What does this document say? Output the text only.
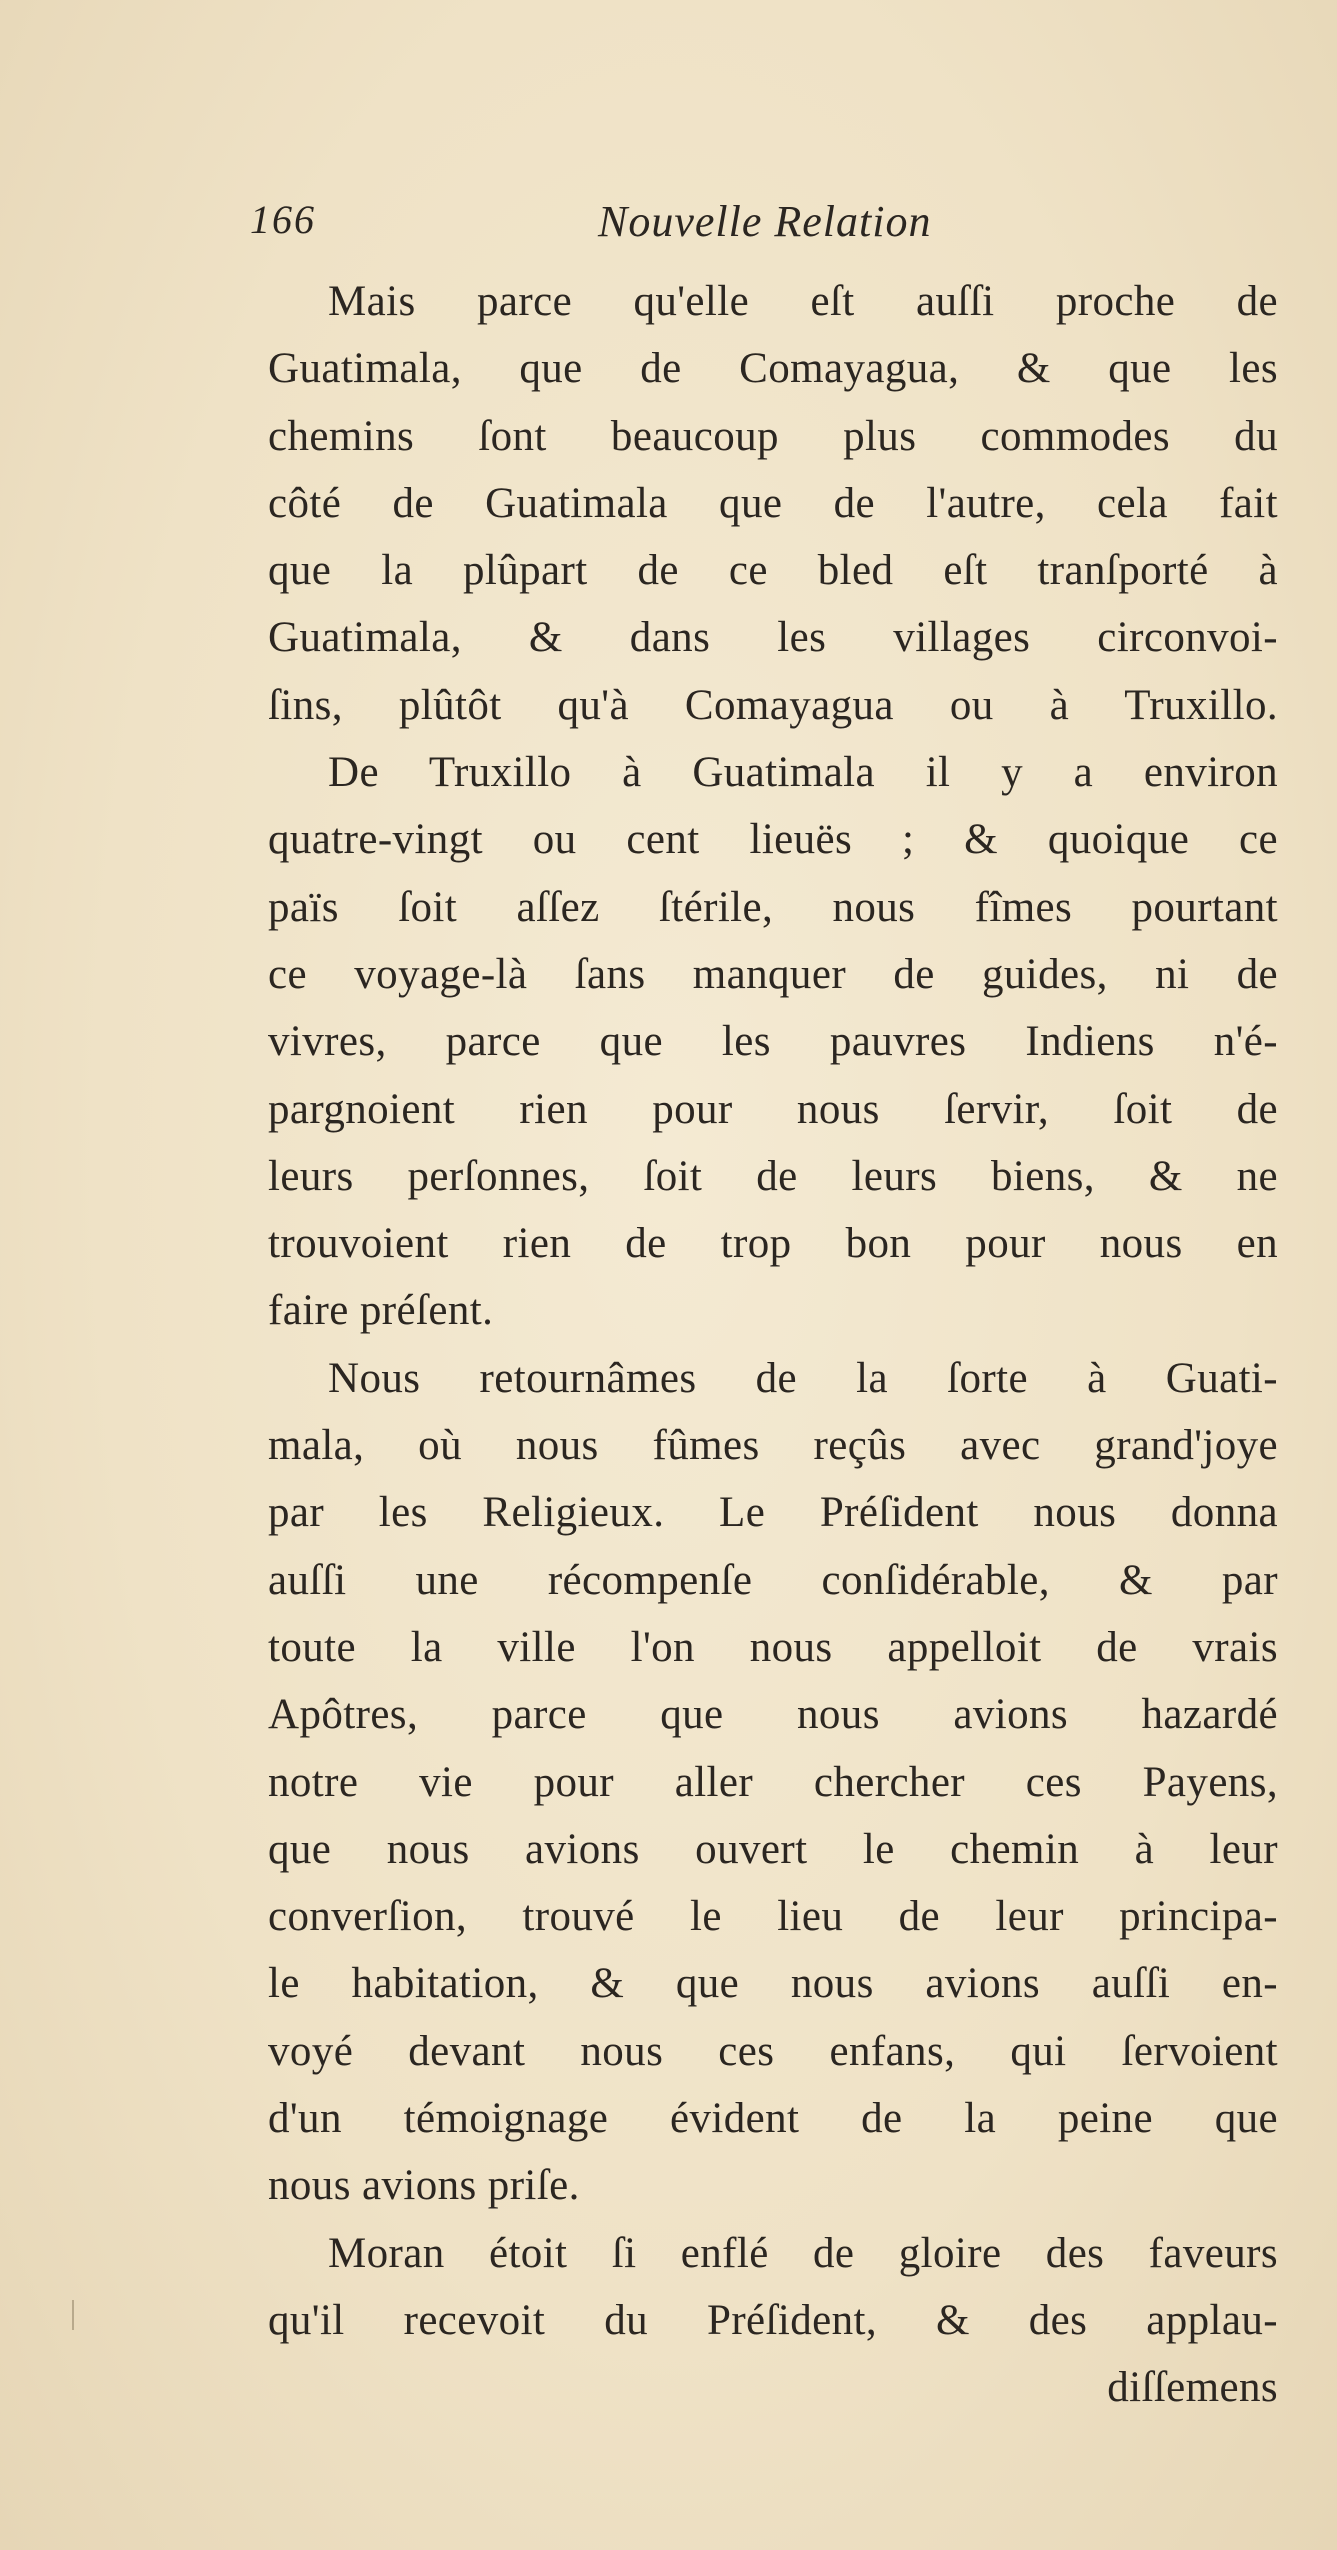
166	Nouvelle Relation
Mais parce qu'elle eſt auſſi proche de
Guatimala, que de Comayagua, & que les
chemins ſont beaucoup plus commodes du
côté de Guatimala que de l'autre, cela fait
que la plûpart de ce bled eſt tranſporté à
Guatimala, & dans les villages circonvoi-
ſins, plûtôt qu'à Comayagua ou à Truxillo.
De Truxillo à Guatimala il y a environ
quatre-vingt ou cent lieuës ; & quoique ce
païs ſoit aſſez ſtérile, nous fîmes pourtant
ce voyage-là ſans manquer de guides, ni de
vivres, parce que les pauvres Indiens n'é-
pargnoient rien pour nous ſervir, ſoit de
leurs perſonnes, ſoit de leurs biens, & ne
trouvoient rien de trop bon pour nous en
faire préſent.
Nous retournâmes de la ſorte à Guati-
mala, où nous fûmes reçûs avec grand'joye
par les Religieux. Le Préſident nous donna
auſſi une récompenſe conſidérable, & par
toute la ville l'on nous appelloit de vrais
Apôtres, parce que nous avions hazardé
notre vie pour aller chercher ces Payens,
que nous avions ouvert le chemin à leur
converſion, trouvé le lieu de leur principa-
le habitation, & que nous avions auſſi en-
voyé devant nous ces enfans, qui ſervoient
d'un témoignage évident de la peine que
nous avions priſe.
Moran étoit ſi enflé de gloire des faveurs
qu'il recevoit du Préſident, & des applau-
diſſemens
